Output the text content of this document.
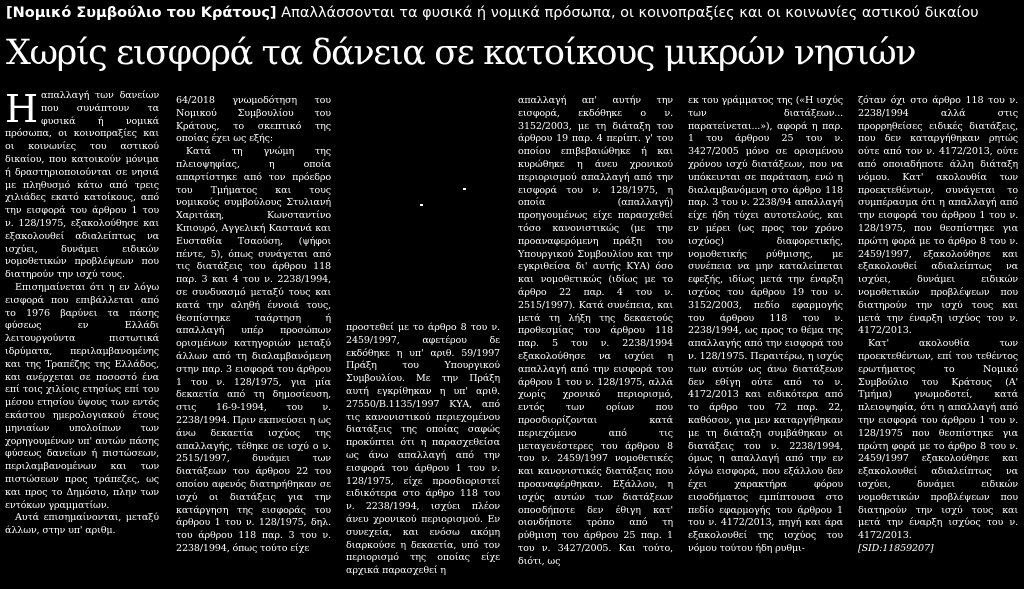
[Νομικό Συμβούλιο του Κράτους] Απαλλάσσονται τα φυσικά ή νομικά πρόσωπα, οι κοινοπραξίες και οι κοινωνίες αστικού δικαίου
Χωρίς εισφορά τα δάνεια σε κατοίκους μικρών νησιών
Η απαλλαγή των δανείων που συνάπτουν τα φυσικά ή νομικά πρόσωπα, οι κοινοπραξίες και οι κοινωνίες του αστικού δικαίου, που κατοικούν μόνιμα ή δραστηριοποιούνται σε νησιά με πληθυσμό κάτω από τρεις χιλιάδες εκατό κατοίκους, από την εισφορά του άρθρου 1 του ν. 128/1975, εξακολούθησε και εξακολουθεί αδιαλείπτως να ισχύει, δυνάμει ειδικών νομοθετικών προβλέψεων που διατηρούν την ισχύ τους.

Επισημαίνεται ότι η εν λόγω εισφορά που επιβάλλεται από το 1976 βαρύνει τα πάσης φύσεως εν Ελλάδι λειτουργούντα πιστωτικά ιδρύματα, περιλαμβανομένης και της Τραπέζης της Ελλάδος, και ανέρχεται σε ποσοστό ένα επί τοις χιλίοις ετησίως επί του μέσου ετησίου ύψους των εντός εκάστου ημερολογιακού έτους μηνιαίων υπολοίπων των χορηγουμένων υπ' αυτών πάσης φύσεως δανείων ή πιστώσεων, περιλαμβανομένων και των πιστώσεων προς τράπεζες, ως και προς το Δημόσιο, πλην των εντόκων γραμματίων.

Αυτά επισημαίνονται, μεταξύ άλλων, στην υπ' αριθμ.

64/2018 γνωμοδότηση του Νομικού Συμβουλίου του Κράτους, το σκεπτικό της οποίας έχει ως εξής:

Κατά τη γνώμη της πλειοψηφίας, η οποία απαρτίστηκε από τον πρόεδρο του Τμήματος και τους νομικούς συμβούλους Στυλιανή Χαριτάκη, Κωνσταντίνο Κπιουρό, Αγγελική Καστανά και Ευσταθία Τσαούση, (ψήφοι πέντε, 5), όπως συνάγεται από τις διατάξεις του άρθρου 118 παρ. 3 και 4 του ν. 2238/1994, σε συνδυασμό μεταξύ τους και κατά την αληθή έννοιά τους, θεσπίστηκε ταάρτηση ή απαλλαγή υπέρ προσώπων ορισμένων κατηγοριών μεταξύ άλλων από τη διαλαμβανόμενη στην παρ. 3 εισφορά του άρθρου 1 του ν. 128/1975, για μία δεκαετία από τη δημοσίευση, στις 16-9-1994, του ν. 2238/1994. Πριν εκπνεύσει η ως άνω δεκαετία ισχύος της απαλλαγής, τέθηκε σε ισχύ ο ν. 2515/1997, δυνάμει των διατάξεων του άρθρου 22 του οποίου αφενός διατηρήθηκαν σε ισχύ οι διατάξεις για την κατάργηση της εισφοράς του άρθρου 1 του ν. 128/1975, δηλ. του άρθρου 118 παρ. 3 του ν. 2238/1994, όπως τούτο είχε

προστεθεί με το άρθρο 8 του ν. 2459/1997, αφετέρου δε εκδόθηκε η υπ' αριθ. 59/1997 Πράξη του Υπουργικού Συμβουλίου. Με την Πράξη αυτή εγκρίθηκαν η υπ' αριθ. 27550/Β.1135/1997 ΚΥΑ, από τις κανονιστικού περιεχομένου διατάξεις της οποίας σαφώς προκύπτει ότι η παρασχεθείσα ως άνω απαλλαγή από την εισφορά του άρθρου 1 του ν. 128/1975, είχε προσδιοριστεί ειδικότερα στο άρθρο 118 του ν. 2238/1994, ισχύει πλέον άνευ χρονικού περιορισμού. Εν συνεχεία, και ενόσω ακόμη διαρκούσε η δεκαετία, υπό τον περιορισμό της οποίας είχε αρχικά παρασχεθεί η

απαλλαγή απ' αυτήν την εισφορά, εκδόθηκε ο ν. 3152/2003, με τη διάταξη του άρθρου 19 παρ. 4 περίπτ. γ' του οποίου επιβεβαιώθηκε ή και κυρώθηκε η άνευ χρονικού περιορισμού απαλλαγή από την εισφορά του ν. 128/1975, η οποία (απαλλαγή) προηγουμένως είχε παρασχεθεί τόσο κανονιστικώς (με την προαναφερόμενη πράξη του Υπουργικού Συμβουλίου και την εγκριθείσα δι' αυτής ΚΥΑ) όσο και νομοθετικώς (ιδίως με το άρθρο 22 παρ. 4 του ν. 2515/1997). Κατά συνέπεια, και μετά τη λήξη της δεκαετούς προθεσμίας του άρθρου 118 παρ. 5 του ν. 2238/1994 εξακολούθησε να ισχύει η απαλλαγή από την εισφορά του άρθρου 1 του ν. 128/1975, αλλά χωρίς χρονικό περιορισμό, εντός των ορίων που προσδιορίζονται κατά περιεχόμενο από τις μεταγενέστερες του άρθρου 8 του ν. 2459/1997 νομοθετικές και κανονιστικές διατάξεις που προαναφέρθηκαν. Εξάλλου, η ισχύς αυτών των διατάξεων οποσδήποτε δεν έθιγη κατ' οιονδήποτε τρόπο από τη ρύθμιση του άρθρου 25 παρ. 1 του ν. 3427/2005. Και τούτο, διότι, ως

εκ του γράμματος της («Η ισχύς των διατάξεων... παρατείνεται...»), αφορά η παρ. 1 του άρθρου 25 του ν. 3427/2005 μόνο σε ορισμένου χρόνου ισχύ διατάξεων, που να υπόκεινται σε παράταση, ενώ η διαλαμβανόμενη στο άρθρο 118 παρ. 3 του ν. 2238/94 απαλλαγή είχε ήδη τύχει αυτοτελούς, και εν μέρει (ως προς τον χρόνο ισχύος) διαφορετικής, νομοθετικής ρύθμισης, με συνέπεια να μην καταλείπεται εφεξής, ιδίως μετά την έναρξη ισχύος του άρθρου 19 του ν. 3152/2003, πεδίο εφαρμογής του άρθρου 118 του ν. 2238/1994, ως προς το θέμα της απαλλαγής από την εισφορά του ν. 128/1975. Περαιτέρω, η ισχύς των αυτών ως άνω διατάξεων δεν εθίγη ούτε από το ν. 4172/2013 και ειδικότερα από το άρθρο του 72 παρ. 22, καθόσον, για μεν καταργήθηκαν με τη διάταξη συμβάθηκαν οι διατάξεις του ν. 2238/1994, όμως η απαλλαγή από την εν λόγω εισφορά, που εξάλλου δεν έχει χαρακτήρα φόρου εισοδήματος εμπίπτουσα στο πεδίο εφαρμογής του άρθρου 1 του ν. 4172/2013, πηγή και άρα εξακολουθεί της ισχύος του νόμου τούτου ήδη ρυθμι-

ζόταν όχι στο άρθρο 118 του ν. 2238/1994 αλλά στις προρρηθείσες ειδικές διατάξεις, που δεν καταργήθηκαν ρητώς ούτε από τον ν. 4172/2013, ούτε από οποιαδήποτε άλλη διάταξη νόμου. Κατ' ακολουθία των προεκτεθέντων, συνάγεται το συμπέρασμα ότι η απαλλαγή από την εισφορά του άρθρου 1 του ν. 128/1975, που θεσπίστηκε για πρώτη φορά με το άρθρο 8 του ν. 2459/1997, εξακολούθησε και εξακολουθεί αδιαλείπτως να ισχύει, δυνάμει ειδικών νομοθετικών προβλέψεων που διατηρούν την ισχύ τους και μετά την έναρξη ισχύος του ν. 4172/2013.

Κατ' ακολουθία των προεκτεθέντων, επί του τεθέντος ερωτήματος το Νομικό Συμβούλιο του Κράτους (Α' Τμήμα) γνωμοδοτεί, κατά πλειοψηφία, ότι η απαλλαγή από την εισφορά του άρθρου 1 του ν. 128/1975 που θεσπίστηκε για πρώτη φορά με το άρθρο 8 του ν. 2459/1997 εξακολούθησε και εξακολουθεί αδιαλείπτως να ισχύει, δυνάμει ειδικών νομοθετικών προβλέψεων που διατηρούν την ισχύ τους και μετά την έναρξη ισχύος του ν. 4172/2013.

[SID:11859207]
